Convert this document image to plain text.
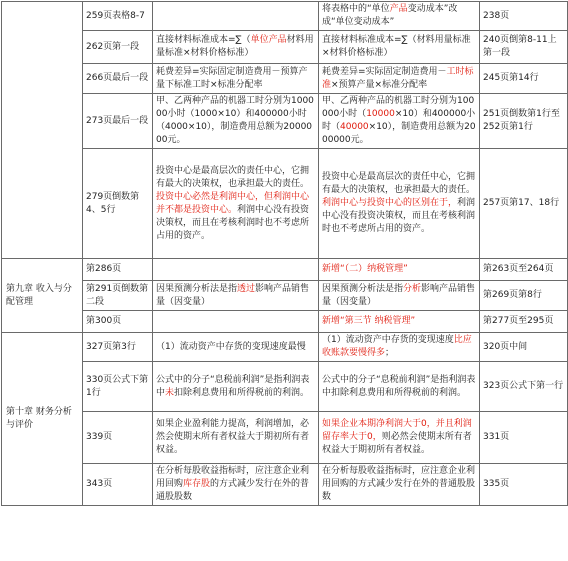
	259页表格8-7		将表格中的“单位产品变动成本”改成“单位变动成本”	238页
	262页第一段	直接材料标准成本=∑（单位产品材料用量标准×材料价格标准）	直接材料标准成本=∑（材料用量标准×材料价格标准）	240页倒第8-11上第一段
	266页最后一段	耗费差异=实际固定制造费用－预算产量下标准工时×标准分配率	耗费差异=实际固定制造费用－工时标准×预算产量×标准分配率	245页第14行
	273页最后一段	甲、乙两种产品的机器工时分别为100000小时（1000×10）和400000小时（4000×10），制造费用总额为2000000元。	甲、乙两种产品的机器工时分别为100000小时（10000×10）和400000小时（40000×10），制造费用总额为2000000元。	251页倒数第1行至252页第1行
	279页倒数第4、5行	投资中心是最高层次的责任中心，它拥有最大的决策权，也承担最大的责任。投资中心必然是利润中心，但利润中心并不都是投资中心。利润中心没有投资决策权，而且在考核利润时也不考虑所占用的资产。	投资中心是最高层次的责任中心，它拥有最大的决策权，也承担最大的责任。利润中心与投资中心的区别在于，利润中心没有投资决策权，而且在考核利润时也不考虑所占用的资产。	257页第17、18行
第九章 收入与分配管理	第286页		新增“（二）纳税管理”	第263页至264页
	第291页倒数第二段	因果预测分析法是指透过影响产品销售量（因变量）	因果预测分析法是指分析影响产品销售量（因变量）	第269页第8行
	第300页		新增“第三节 纳税管理”	第277页至295页
第十章 财务分析与评价	327页第3行	（1）流动资产中存货的变现速度最慢	（1）流动资产中存货的变现速度比应收账款要慢得多；	320页中间
	330页公式下第1行	公式中的分子“息税前利润”是指利润表中未扣除利息费用和所得税前的利润。	公式中的分子“息税前利润”是指利润表中扣除利息费用和所得税前的利润。	323页公式下第一行
	339页	如果企业盈利能力提高，利润增加，必然会使期末所有者权益大于期初所有者权益。	如果企业本期净利润大于0，并且利润留存率大于0，则必然会使期末所有者权益大于期初所有者权益。	331页
	343页	在分析每股收益指标时，应注意企业利用回购库存股的方式减少发行在外的普通股股数	在分析每股收益指标时，应注意企业利用回购的方式减少发行在外的普通股股数	335页
